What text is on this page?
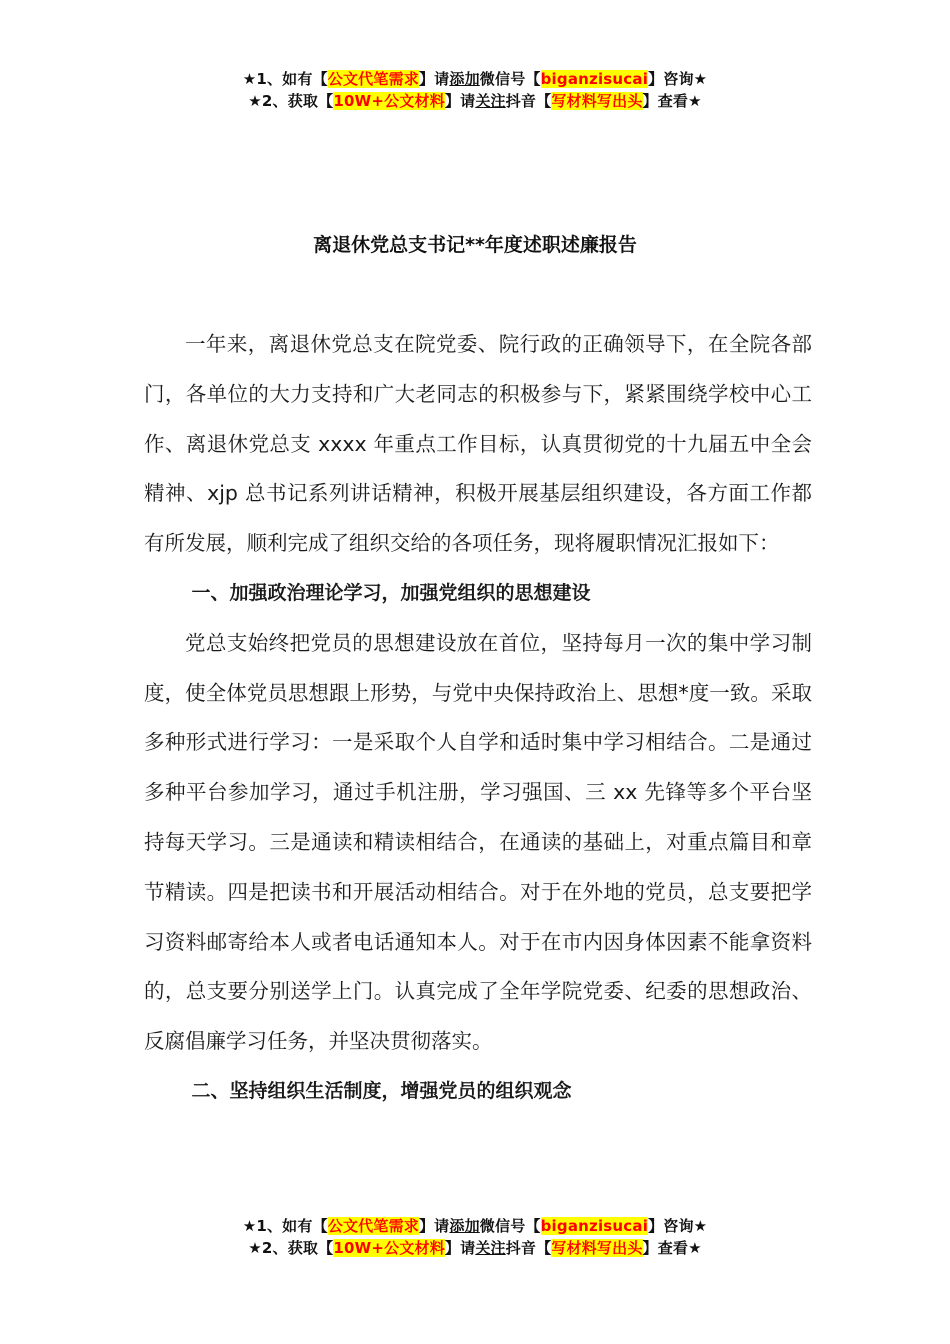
★1、如有【公文代笔需求】请添加微信号【biganzisucai】咨询★
★2、获取【10W+公文材料】请关注抖音【写材料写出头】查看★
离退休党总支书记**年度述职述廉报告

一年来，离退休党总支在院党委、院行政的正确领导下，在全院各部门，各单位的大力支持和广大老同志的积极参与下，紧紧围绕学校中心工作、离退休党总支 xxxx 年重点工作目标，认真贯彻党的十九届五中全会精神、xjp 总书记系列讲话精神，积极开展基层组织建设，各方面工作都有所发展，顺利完成了组织交给的各项任务，现将履职情况汇报如下：

一、加强政治理论学习，加强党组织的思想建设

党总支始终把党员的思想建设放在首位，坚持每月一次的集中学习制度，使全体党员思想跟上形势，与党中央保持政治上、思想*度一致。采取多种形式进行学习：一是采取个人自学和适时集中学习相结合。二是通过多种平台参加学习，通过手机注册，学习强国、三 xx 先锋等多个平台坚持每天学习。三是通读和精读相结合，在通读的基础上，对重点篇目和章节精读。四是把读书和开展活动相结合。对于在外地的党员，总支要把学习资料邮寄给本人或者电话通知本人。对于在市内因身体因素不能拿资料的，总支要分别送学上门。认真完成了全年学院党委、纪委的思想政治、反腐倡廉学习任务，并坚决贯彻落实。

二、坚持组织生活制度，增强党员的组织观念
★1、如有【公文代笔需求】请添加微信号【biganzisucai】咨询★
★2、获取【10W+公文材料】请关注抖音【写材料写出头】查看★
